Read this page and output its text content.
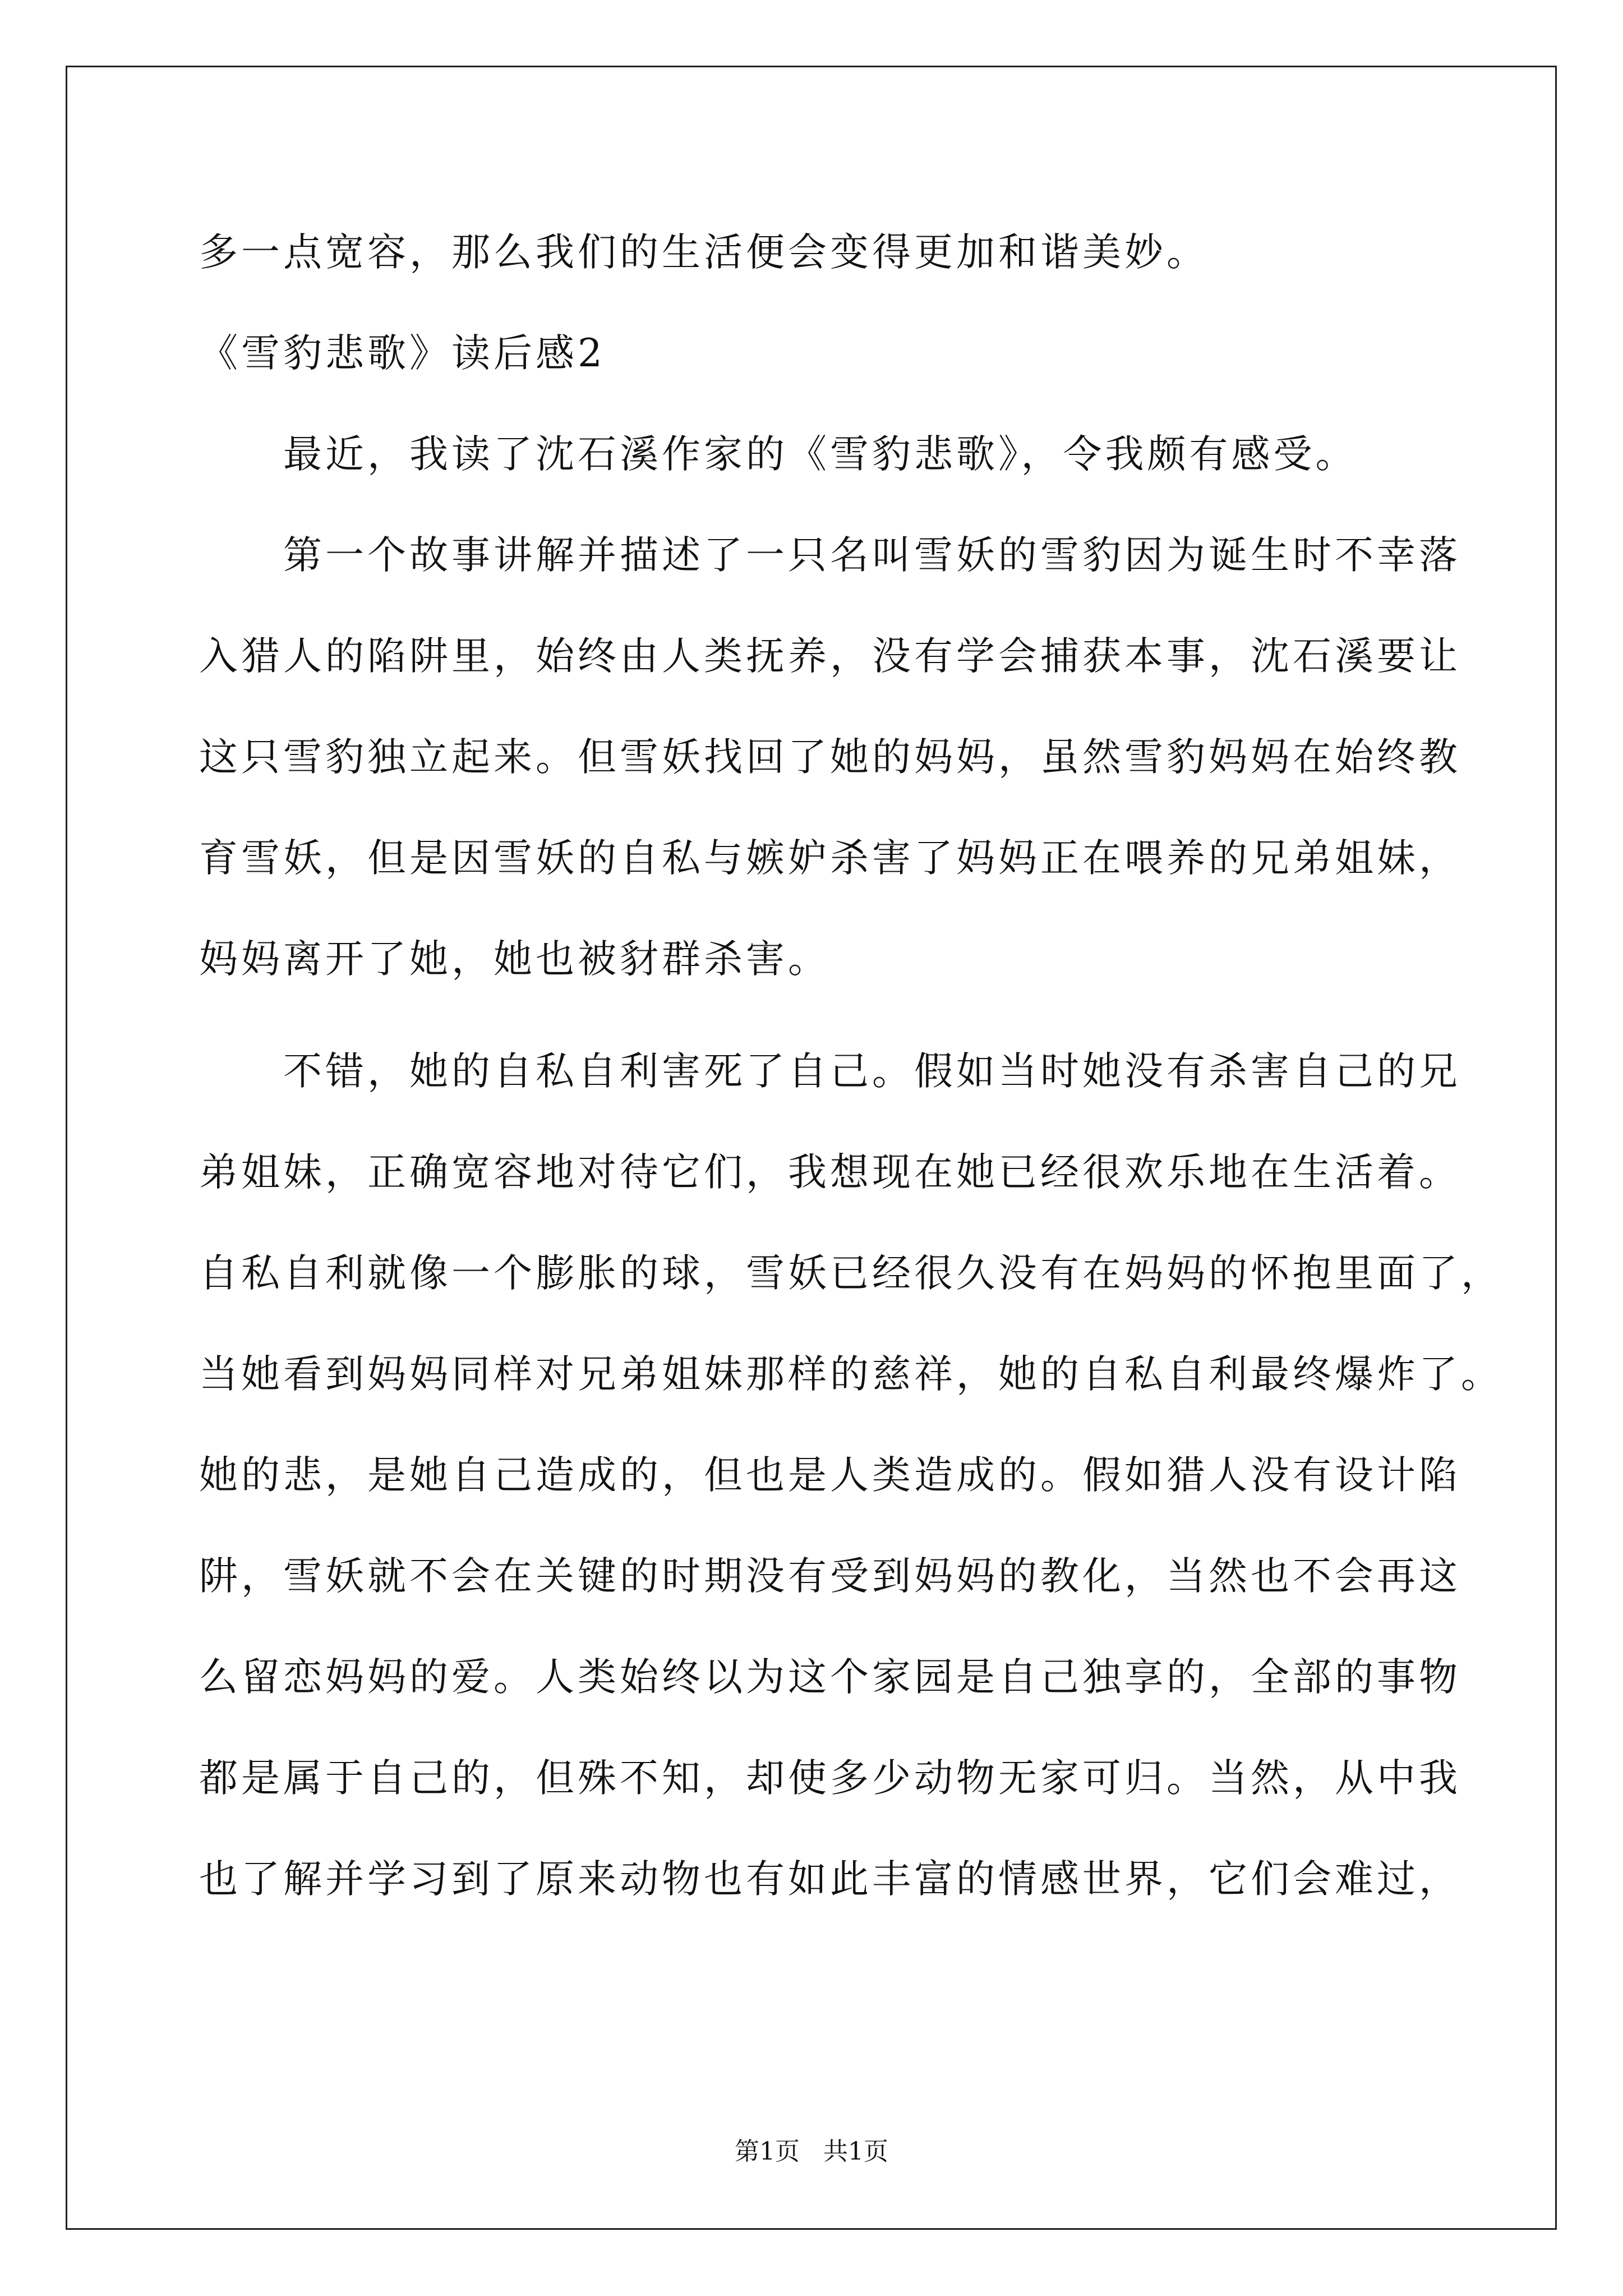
多一点宽容，那么我们的生活便会变得更加和谐美妙。
《雪豹悲歌》读后感2
最近，我读了沈石溪作家的《雪豹悲歌》，令我颇有感受。
第一个故事讲解并描述了一只名叫雪妖的雪豹因为诞生时不幸落
入猎人的陷阱里，始终由人类抚养，没有学会捕获本事，沈石溪要让
这只雪豹独立起来。但雪妖找回了她的妈妈，虽然雪豹妈妈在始终教
育雪妖，但是因雪妖的自私与嫉妒杀害了妈妈正在喂养的兄弟姐妹，
妈妈离开了她，她也被豺群杀害。
不错，她的自私自利害死了自己。假如当时她没有杀害自己的兄
弟姐妹，正确宽容地对待它们，我想现在她已经很欢乐地在生活着。
自私自利就像一个膨胀的球，雪妖已经很久没有在妈妈的怀抱里面了，
当她看到妈妈同样对兄弟姐妹那样的慈祥，她的自私自利最终爆炸了。
她的悲，是她自己造成的，但也是人类造成的。假如猎人没有设计陷
阱，雪妖就不会在关键的时期没有受到妈妈的教化，当然也不会再这
么留恋妈妈的爱。人类始终以为这个家园是自己独享的，全部的事物
都是属于自己的，但殊不知，却使多少动物无家可归。当然，从中我
也了解并学习到了原来动物也有如此丰富的情感世界，它们会难过，
第1页   共1页
